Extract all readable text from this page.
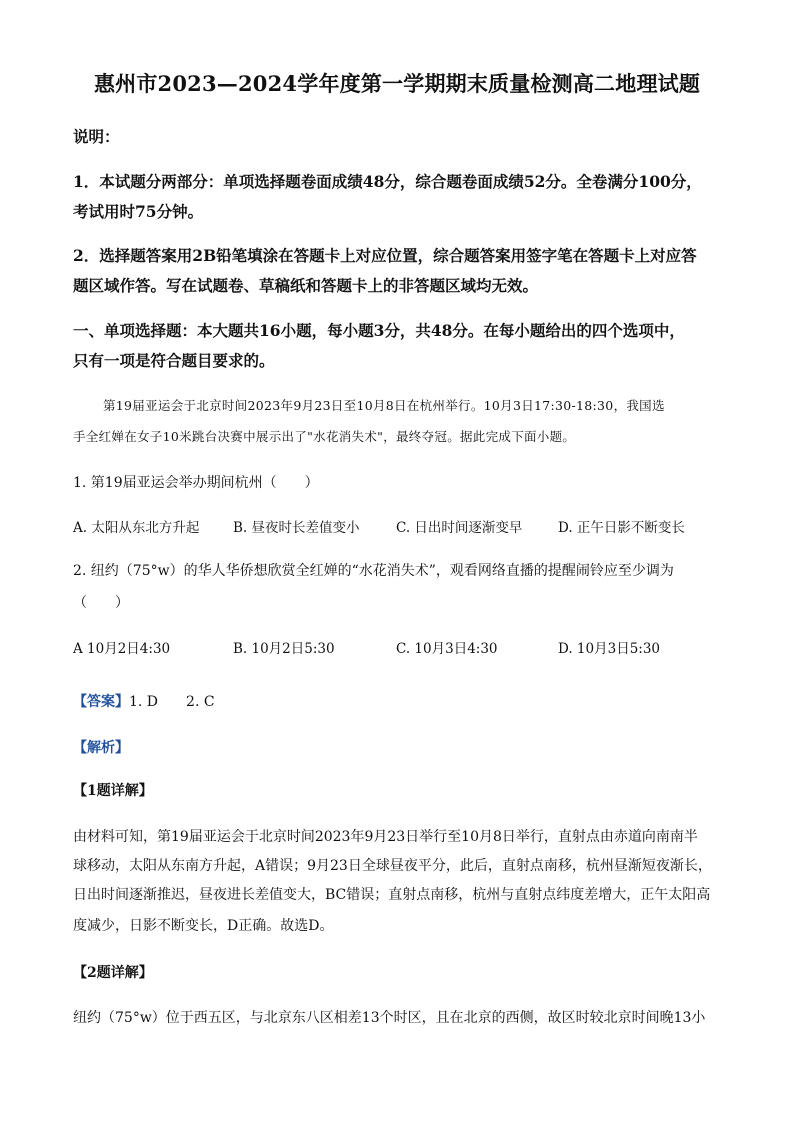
惠州市2023—2024学年度第一学期期末质量检测高二地理试题
说明：
1．本试题分两部分：单项选择题卷面成绩48分，综合题卷面成绩52分。全卷满分100分，
考试用时75分钟。
2．选择题答案用2B铅笔填涂在答题卡上对应位置，综合题答案用签字笔在答题卡上对应答
题区域作答。写在试题卷、草稿纸和答题卡上的非答题区域均无效。
一、单项选择题：本大题共16小题，每小题3分，共48分。在每小题给出的四个选项中，
只有一项是符合题目要求的。
第19届亚运会于北京时间2023年9月23日至10月8日在杭州举行。10月3日17:30-18:30，我国选
手全红婵在女子10米跳台决赛中展示出了"水花消失术"，最终夺冠。据此完成下面小题。
1. 第19届亚运会举办期间杭州（　　）
A. 太阳从东北方升起 B. 昼夜时长差值变小	C. 日出时间逐渐变早	D. 正午日影不断变长
2. 纽约（75°w）的华人华侨想欣赏全红婵的“水花消失术”，观看网络直播的提醒闹铃应至少调为
（　　）
A 10月2日4:30	B. 10月2日5:30	C. 10月3日4:30	D. 10月3日5:30
【答案】1. D　　2. C
【解析】
【1题详解】
由材料可知，第19届亚运会于北京时间2023年9月23日举行至10月8日举行，直射点由赤道向南南半
球移动，太阳从东南方升起，A错误；9月23日全球昼夜平分，此后，直射点南移，杭州昼渐短夜渐长，
日出时间逐渐推迟，昼夜进长差值变大，BC错误；直射点南移，杭州与直射点纬度差增大，正午太阳高
度减少，日影不断变长，D正确。故选D。
【2题详解】
纽约（75°w）位于西五区，与北京东八区相差13个时区，且在北京的西侧，故区时较北京时间晚13小
